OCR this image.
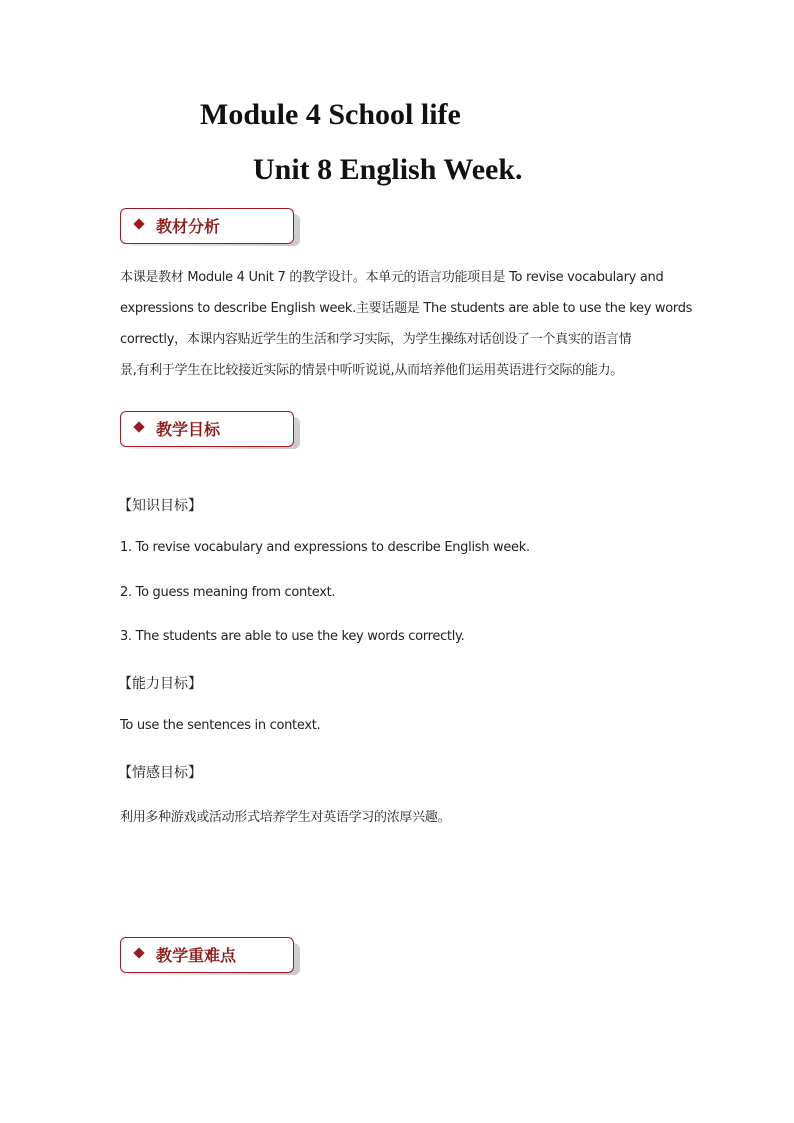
Module 4 School life
Unit 8 English Week.
教材分析
本课是教材 Module 4 Unit 7 的教学设计。本单元的语言功能项目是 To revise vocabulary and
expressions to describe English week.主要话题是 The students are able to use the key words
correctly，本课内容贴近学生的生活和学习实际，为学生操练对话创设了一个真实的语言情
景,有利于学生在比较接近实际的情景中听听说说,从而培养他们运用英语进行交际的能力。
教学目标
【知识目标】
1. To revise vocabulary and expressions to describe English week.
2. To guess meaning from context.
3. The students are able to use the key words correctly.
【能力目标】
To use the sentences in context.
【情感目标】
利用多种游戏或活动形式培养学生对英语学习的浓厚兴趣。
教学重难点
